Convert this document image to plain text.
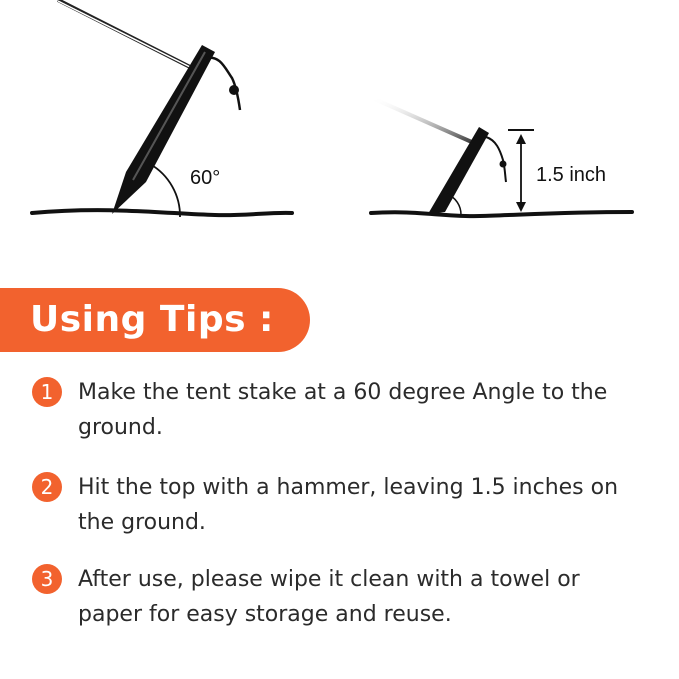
60°	1.5 inch
Using Tips :
1	Make the tent stake at a 60 degree Angle to the ground.
2	Hit the top with a hammer, leaving 1.5 inches on the ground.
3	After use, please wipe it clean with a towel or paper for easy storage and reuse.
